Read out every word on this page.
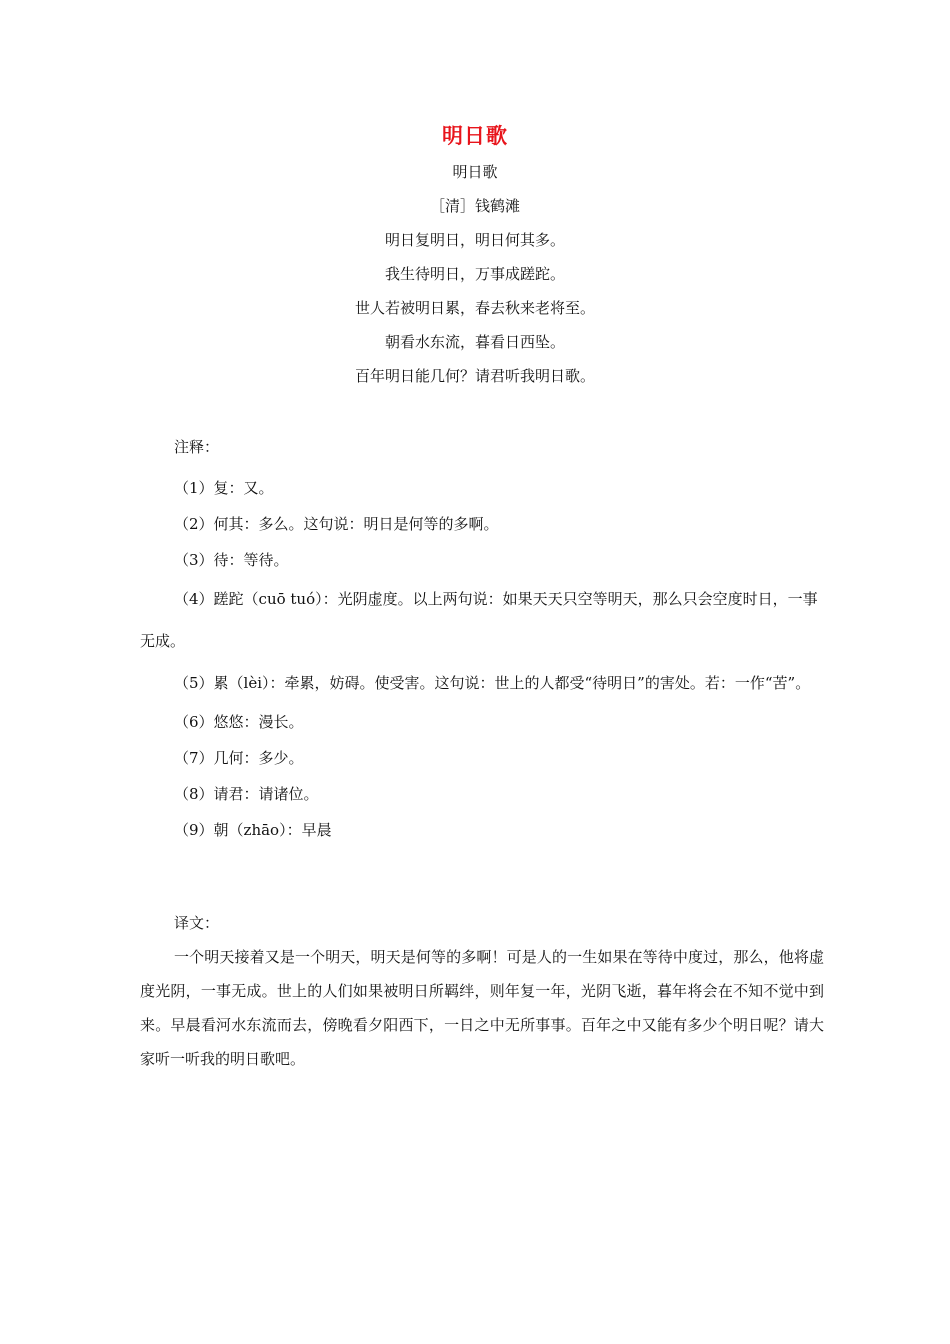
明日歌
明日歌
［清］钱鹤滩
明日复明日，明日何其多。
我生待明日，万事成蹉跎。
世人若被明日累，春去秋来老将至。
朝看水东流，暮看日西坠。
百年明日能几何？请君听我明日歌。
注释：
（1）复：又。
（2）何其：多么。这句说：明日是何等的多啊。
（3）待：等待。
（4）蹉跎（cuō tuó）：光阴虚度。以上两句说：如果天天只空等明天，那么只会空度时日，一事无成。
（5）累（lèi）：牵累，妨碍。使受害。这句说：世上的人都受“待明日”的害处。若：一作“苦”。
（6）悠悠：漫长。
（7）几何：多少。
（8）请君：请诸位。
（9）朝（zhāo）：早晨
译文：
一个明天接着又是一个明天，明天是何等的多啊！可是人的一生如果在等待中度过，那么，他将虚度光阴，一事无成。世上的人们如果被明日所羁绊，则年复一年，光阴飞逝，暮年将会在不知不觉中到来。早晨看河水东流而去，傍晚看夕阳西下，一日之中无所事事。百年之中又能有多少个明日呢？请大家听一听我的明日歌吧。
